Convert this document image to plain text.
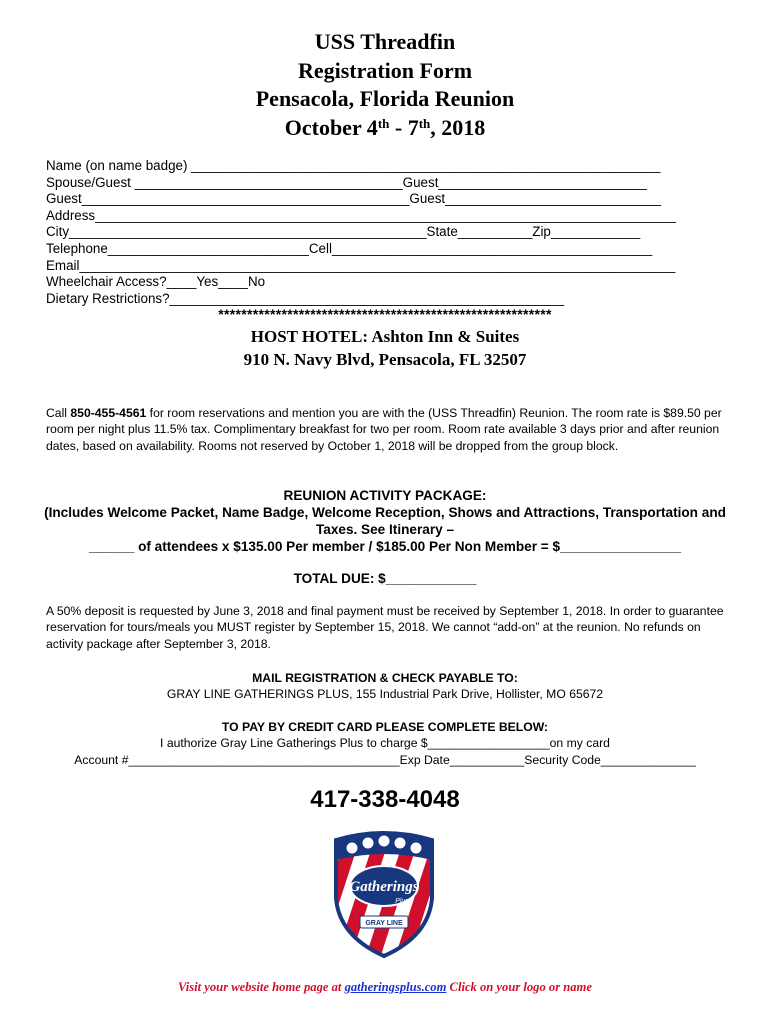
USS Threadfin
Registration Form
Pensacola, Florida Reunion
October 4th - 7th, 2018
Name (on name badge) _______________________________________________________________
Spouse/Guest ____________________________________Guest____________________________
Guest____________________________________________Guest_____________________________
Address______________________________________________________________________________
City________________________________________________State__________Zip____________
Telephone___________________________Cell___________________________________________
Email________________________________________________________________________________
Wheelchair Access?____Yes____No
Dietary Restrictions?_____________________________________________________
**********************************************************
HOST HOTEL: Ashton Inn & Suites
910 N. Navy Blvd, Pensacola, FL 32507
Call 850-455-4561 for room reservations and mention you are with the (USS Threadfin) Reunion. The room rate is $89.50 per room per night plus 11.5% tax. Complimentary breakfast for two per room. Room rate available 3 days prior and after reunion dates, based on availability. Rooms not reserved by October 1, 2018 will be dropped from the group block.
REUNION ACTIVITY PACKAGE:
(Includes Welcome Packet, Name Badge, Welcome Reception, Shows and Attractions, Transportation and Taxes. See Itinerary –
______ of attendees x $135.00 Per member / $185.00 Per Non Member = $________________
TOTAL DUE: $____________
A 50% deposit is requested by June 3, 2018 and final payment must be received by September 1, 2018. In order to guarantee reservation for tours/meals you MUST register by September 15, 2018. We cannot “add-on” at the reunion. No refunds on activity package after September 3, 2018.
MAIL REGISTRATION & CHECK PAYABLE TO:
GRAY LINE GATHERINGS PLUS, 155 Industrial Park Drive, Hollister, MO 65672
TO PAY BY CREDIT CARD PLEASE COMPLETE BELOW:
I authorize Gray Line Gatherings Plus to charge $__________________on my card
Account #________________________________________Exp Date___________Security Code______________
417-338-4048
Gatherings
Plus
GRAY LINE
Visit your website home page at gatheringsplus.com Click on your logo or name
